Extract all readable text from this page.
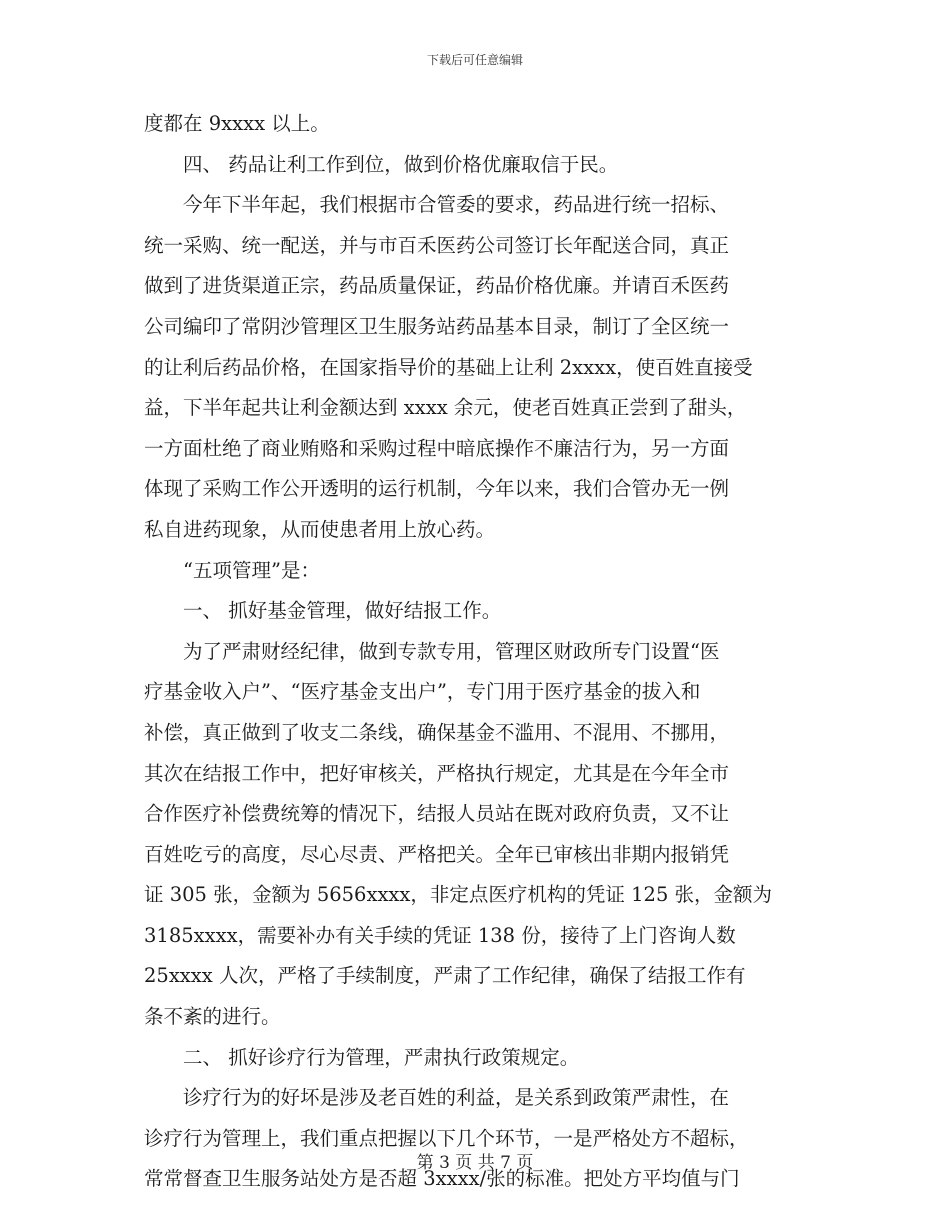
下载后可任意编辑
度都在 9xxxx 以上。
　　四、 药品让利工作到位，做到价格优廉取信于民。
　　今年下半年起，我们根据市合管委的要求，药品进行统一招标、
统一采购、统一配送，并与市百禾医药公司签订长年配送合同，真正
做到了进货渠道正宗，药品质量保证，药品价格优廉。并请百禾医药
公司编印了常阴沙管理区卫生服务站药品基本目录，制订了全区统一
的让利后药品价格，在国家指导价的基础上让利 2xxxx，使百姓直接受
益，下半年起共让利金额达到 xxxx 余元，使老百姓真正尝到了甜头，
一方面杜绝了商业贿赂和采购过程中暗底操作不廉洁行为，另一方面
体现了采购工作公开透明的运行机制，今年以来，我们合管办无一例
私自进药现象，从而使患者用上放心药。
　　“五项管理”是：
　　一、 抓好基金管理，做好结报工作。
　　为了严肃财经纪律，做到专款专用，管理区财政所专门设置“医
疗基金收入户”、“医疗基金支出户”，专门用于医疗基金的拔入和
补偿，真正做到了收支二条线，确保基金不滥用、不混用、不挪用，
其次在结报工作中，把好审核关，严格执行规定，尤其是在今年全市
合作医疗补偿费统筹的情况下，结报人员站在既对政府负责，又不让
百姓吃亏的高度，尽心尽责、严格把关。全年已审核出非期内报销凭
证 305 张，金额为 5656xxxx，非定点医疗机构的凭证 125 张，金额为
3185xxxx，需要补办有关手续的凭证 138 份，接待了上门咨询人数
25xxxx 人次，严格了手续制度，严肃了工作纪律，确保了结报工作有
条不紊的进行。
　　二、 抓好诊疗行为管理，严肃执行政策规定。
　　诊疗行为的好坏是涉及老百姓的利益，是关系到政策严肃性，在
诊疗行为管理上，我们重点把握以下几个环节，一是严格处方不超标，
常常督查卫生服务站处方是否超 3xxxx/张的标准。把处方平均值与门
第 3 页 共 7 页
